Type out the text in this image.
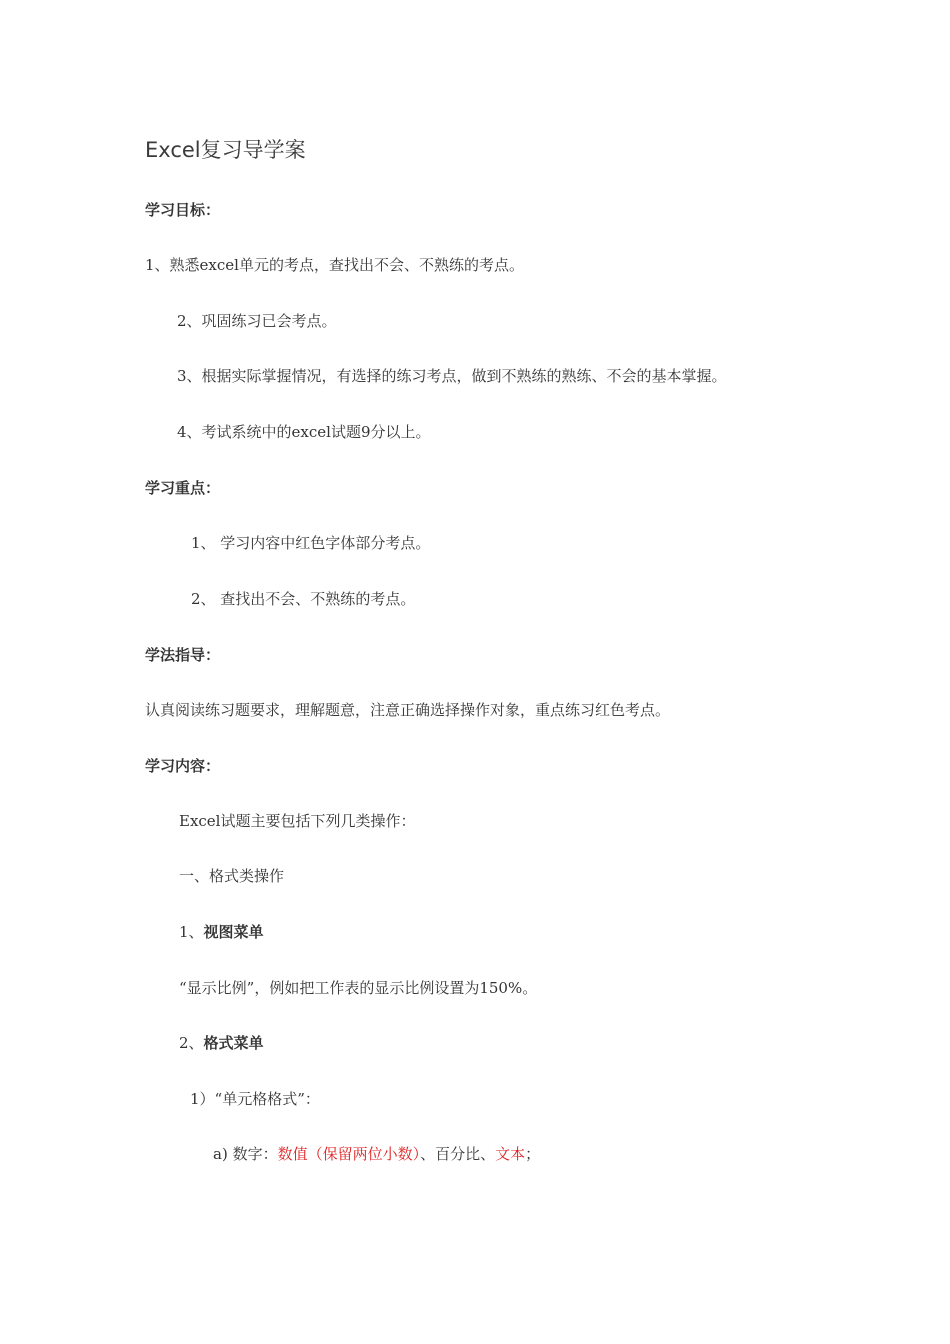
Excel复习导学案
学习目标：
1、熟悉excel单元的考点，查找出不会、不熟练的考点。
2、巩固练习已会考点。
3、根据实际掌握情况，有选择的练习考点，做到不熟练的熟练、不会的基本掌握。
4、考试系统中的excel试题9分以上。
学习重点：
1、 学习内容中红色字体部分考点。
2、 查找出不会、不熟练的考点。
学法指导：
认真阅读练习题要求，理解题意，注意正确选择操作对象，重点练习红色考点。
学习内容：
Excel试题主要包括下列几类操作：
一、格式类操作
1、视图菜单
“显示比例”，例如把工作表的显示比例设置为150%。
2、格式菜单
1）“单元格格式”：
a) 数字：数值（保留两位小数）、百分比、文本；
